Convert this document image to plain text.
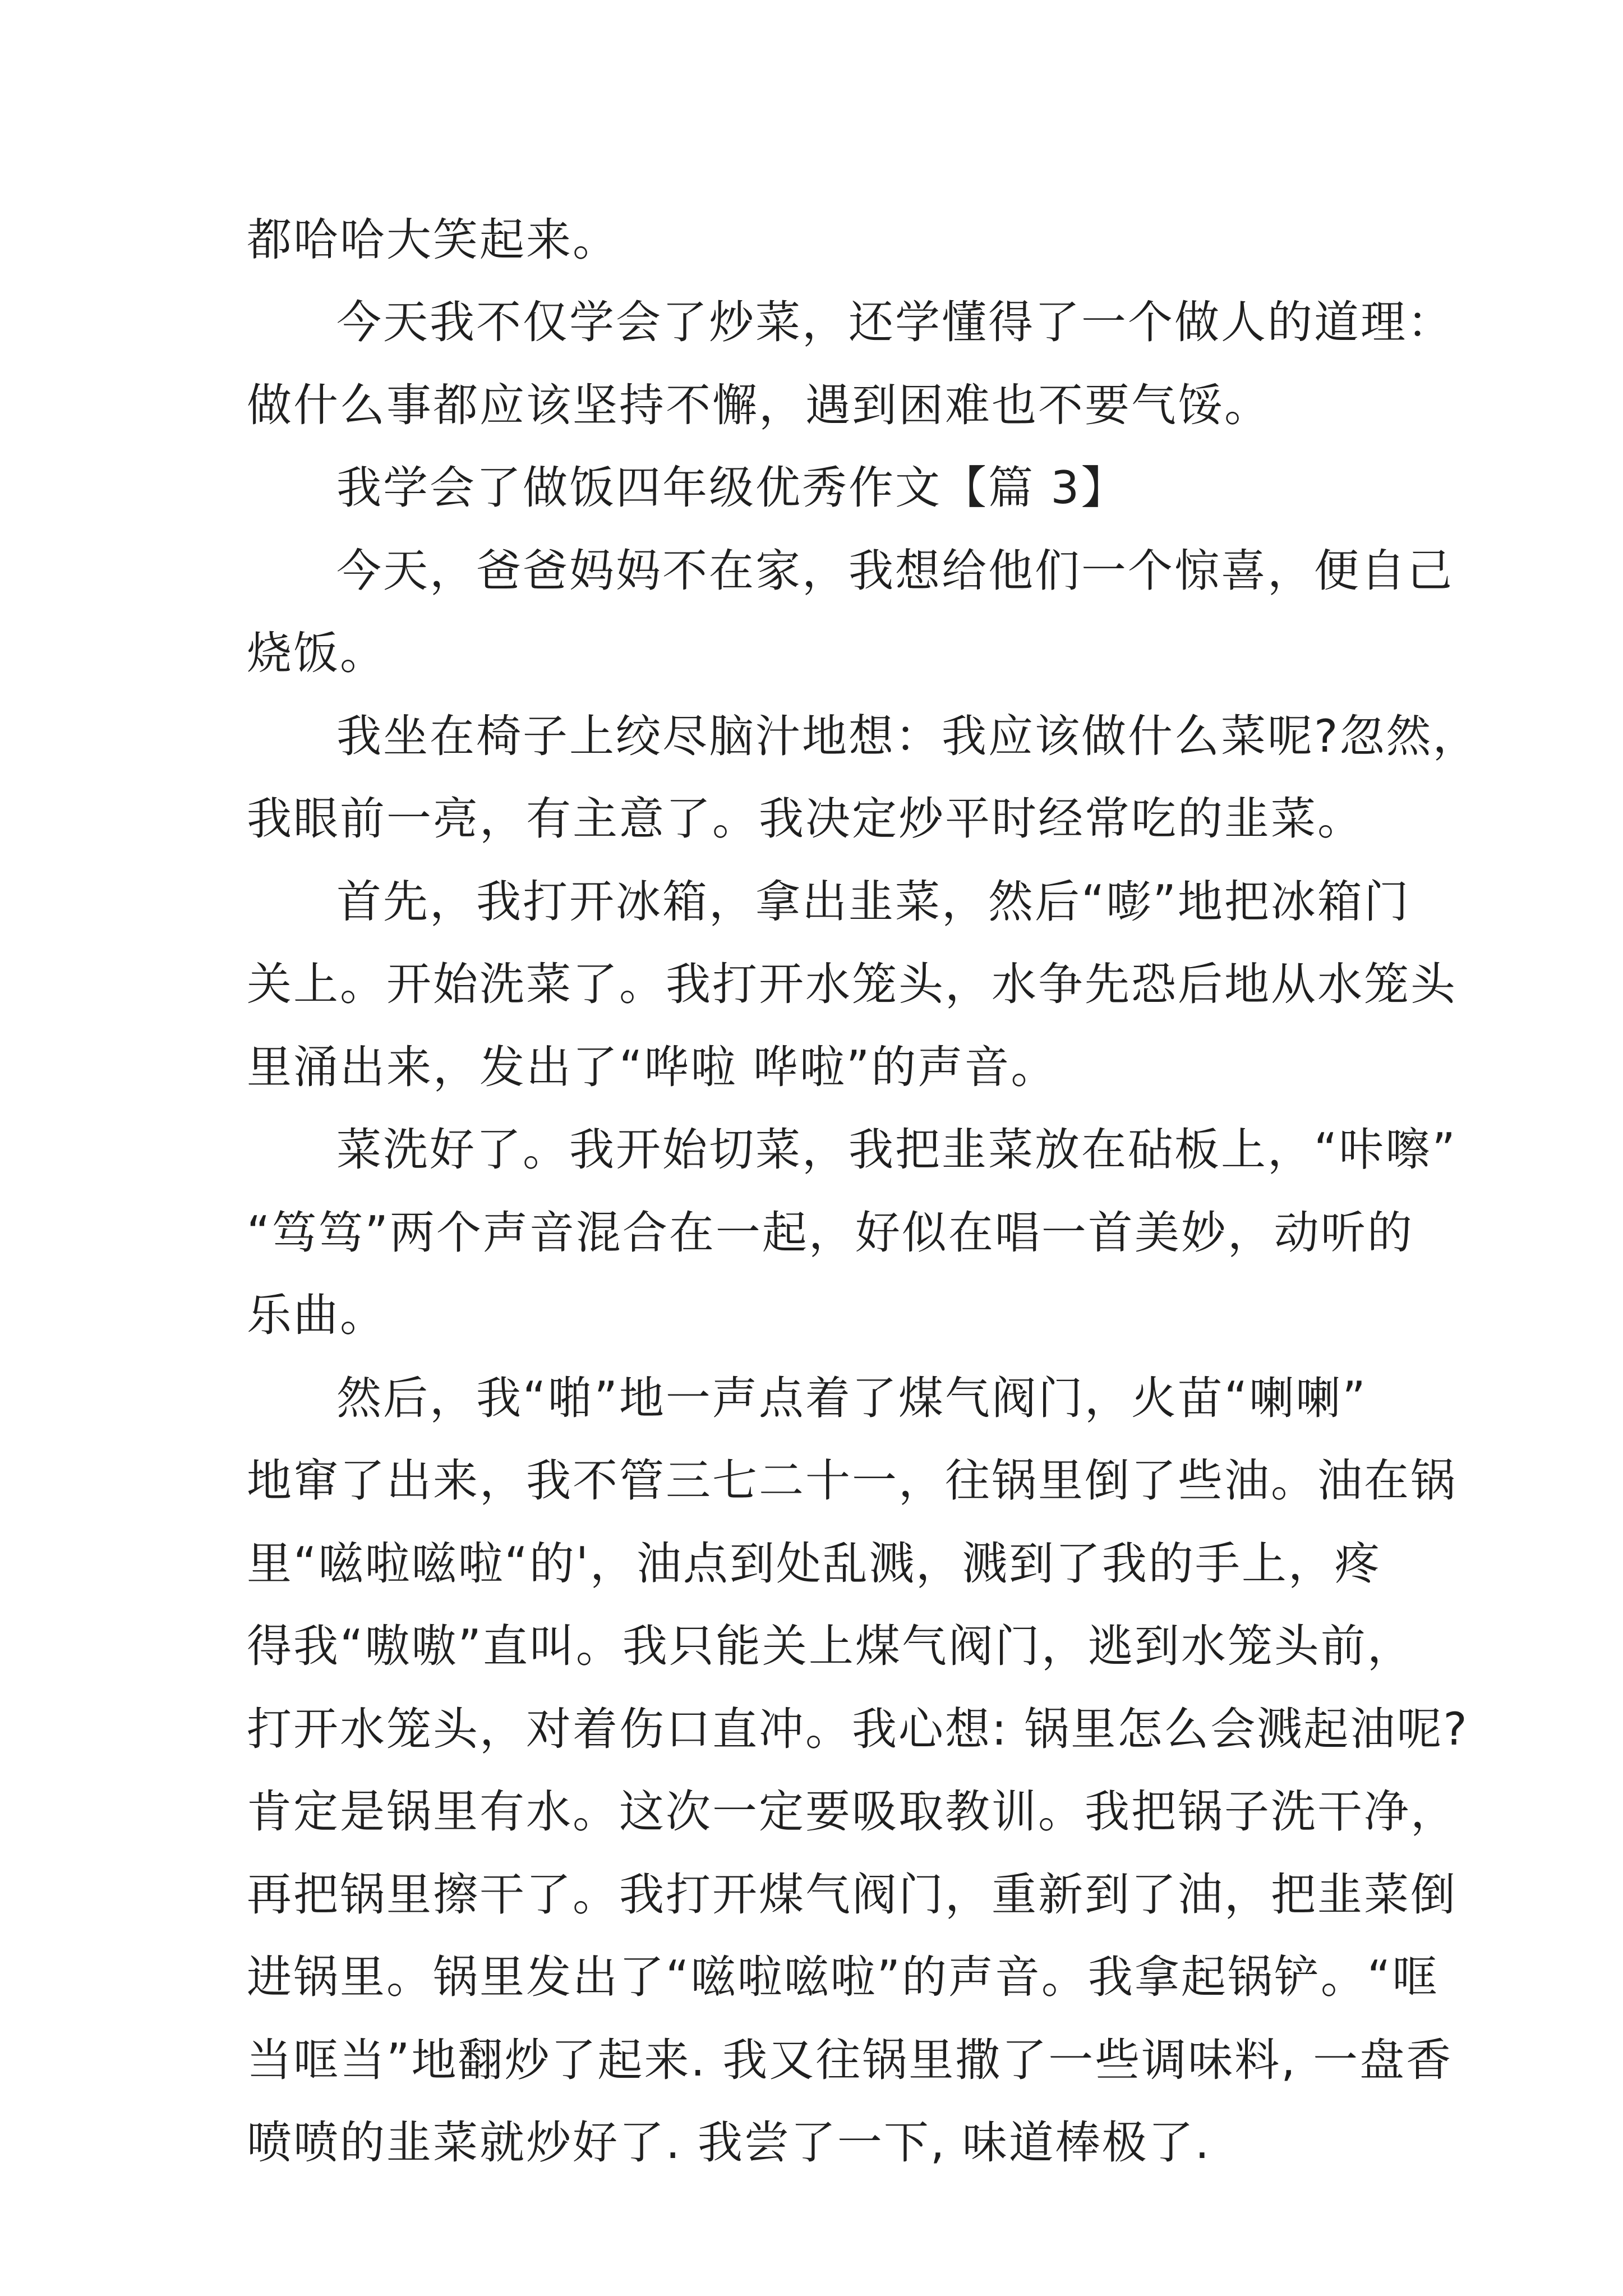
都哈哈大笑起来。
今天我不仅学会了炒菜，还学懂得了一个做人的道理：
做什么事都应该坚持不懈，遇到困难也不要气馁。
我学会了做饭四年级优秀作文【篇 3】
今天，爸爸妈妈不在家，我想给他们一个惊喜，便自己
烧饭。
我坐在椅子上绞尽脑汁地想：我应该做什么菜呢?忽然，
我眼前一亮，有主意了。我决定炒平时经常吃的韭菜。
首先，我打开冰箱，拿出韭菜，然后“嘭”地把冰箱门
关上。开始洗菜了。我打开水笼头，水争先恐后地从水笼头
里涌出来，发出了“哗啦 哗啦”的声音。
菜洗好了。我开始切菜，我把韭菜放在砧板上，“咔嚓”
“笃笃”两个声音混合在一起，好似在唱一首美妙，动听的
乐曲。
然后，我“啪”地一声点着了煤气阀门，火苗“喇喇”
地窜了出来，我不管三七二十一，往锅里倒了些油。油在锅
里“嗞啦嗞啦“的'，油点到处乱溅，溅到了我的手上，疼
得我“嗷嗷”直叫。我只能关上煤气阀门，逃到水笼头前，
打开水笼头，对着伤口直冲。我心想: 锅里怎么会溅起油呢?
肯定是锅里有水。这次一定要吸取教训。我把锅子洗干净，
再把锅里擦干了。我打开煤气阀门，重新到了油，把韭菜倒
进锅里。锅里发出了“嗞啦嗞啦”的声音。我拿起锅铲。“哐
当哐当”地翻炒了起来. 我又往锅里撒了一些调味料, 一盘香
喷喷的韭菜就炒好了. 我尝了一下, 味道棒极了.
